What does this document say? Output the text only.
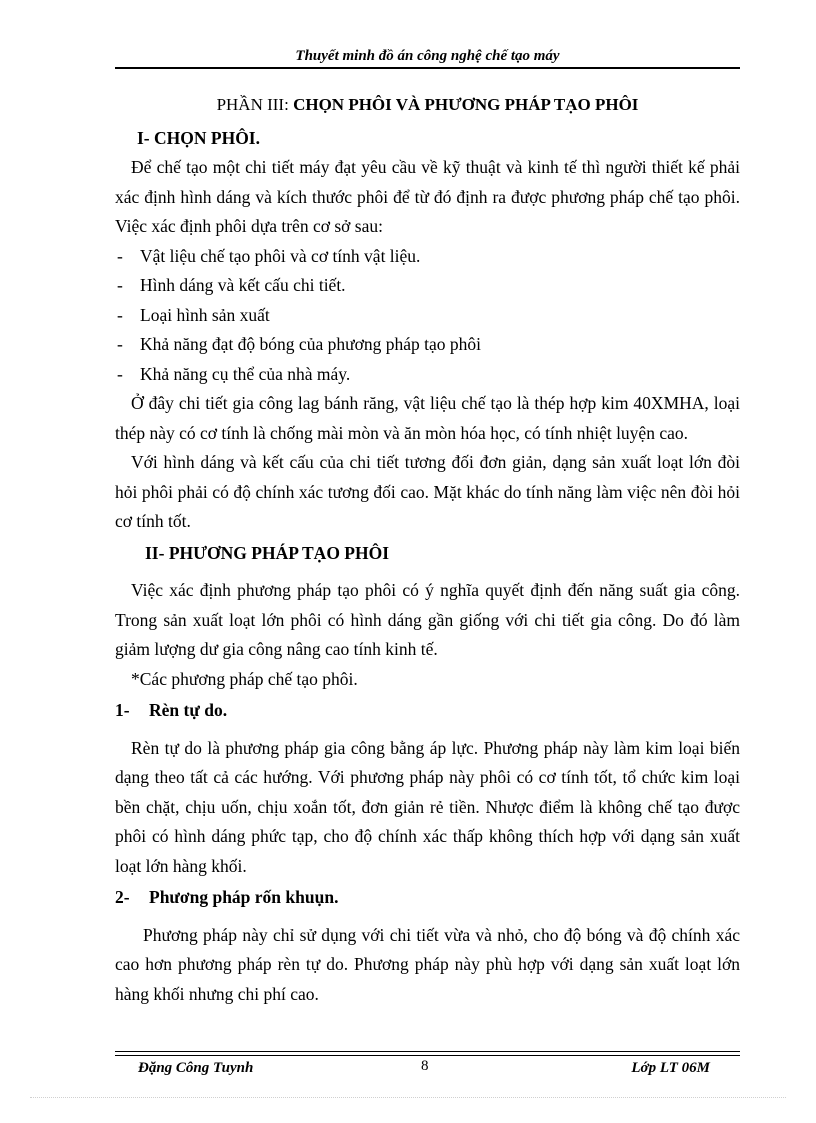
Thuyết minh đồ án công nghệ chế tạo máy

PHẦN III: CHỌN PHÔI VÀ PHƯƠNG PHÁP TẠO PHÔI

I- CHỌN PHÔI.

Để chế tạo một chi tiết máy đạt yêu cầu về kỹ thuật và kinh tế thì người thiết kế phải xác định hình dáng và kích thước phôi để từ đó định ra được phương pháp chế tạo phôi. Việc xác định phôi dựa trên cơ sở sau:

- Vật liệu chế tạo phôi và cơ tính vật liệu.
- Hình dáng và kết cấu chi tiết.
- Loại hình sản xuất
- Khả năng đạt độ bóng của phương pháp tạo phôi
- Khả năng cụ thể của nhà máy.

Ở đây chi tiết gia công lag bánh răng, vật liệu chế tạo là thép hợp kim 40XMHA, loại thép này có cơ tính là chống mài mòn và ăn mòn hóa học, có tính nhiệt luyện cao.

Với hình dáng và kết cấu của chi tiết tương đối đơn giản, dạng sản xuất loạt lớn đòi hỏi phôi phải có độ chính xác tương đối cao. Mặt khác do tính năng làm việc nên đòi hỏi cơ tính tốt.

II- PHƯƠNG PHÁP TẠO PHÔI

Việc xác định phương pháp tạo phôi có ý nghĩa quyết định đến năng suất gia công. Trong sản xuất loạt lớn phôi có hình dáng gần giống với chi tiết gia công. Do đó làm giảm lượng dư gia công nâng cao tính kinh tế.

*Các phương pháp chế tạo phôi.

1- Rèn tự do.

Rèn tự do là phương pháp gia công bằng áp lực. Phương pháp này làm kim loại biến dạng theo tất cả các hướng. Với phương pháp này phôi có cơ tính tốt, tổ chức kim loại bền chặt, chịu uốn, chịu xoắn tốt, đơn giản rẻ tiền. Nhược điểm là không chế tạo được phôi có hình dáng phức tạp, cho độ chính xác thấp không thích hợp với dạng sản xuất loạt lớn hàng khối.

2- Phương pháp rốn khuụn.

Phương pháp này chỉ sử dụng với chi tiết vừa và nhỏ, cho độ bóng và độ chính xác cao hơn phương pháp rèn tự do. Phương pháp này phù hợp với dạng sản xuất loạt lớn hàng khối nhưng chi phí cao.

Đặng Công Tuynh	8	Lớp LT 06M
